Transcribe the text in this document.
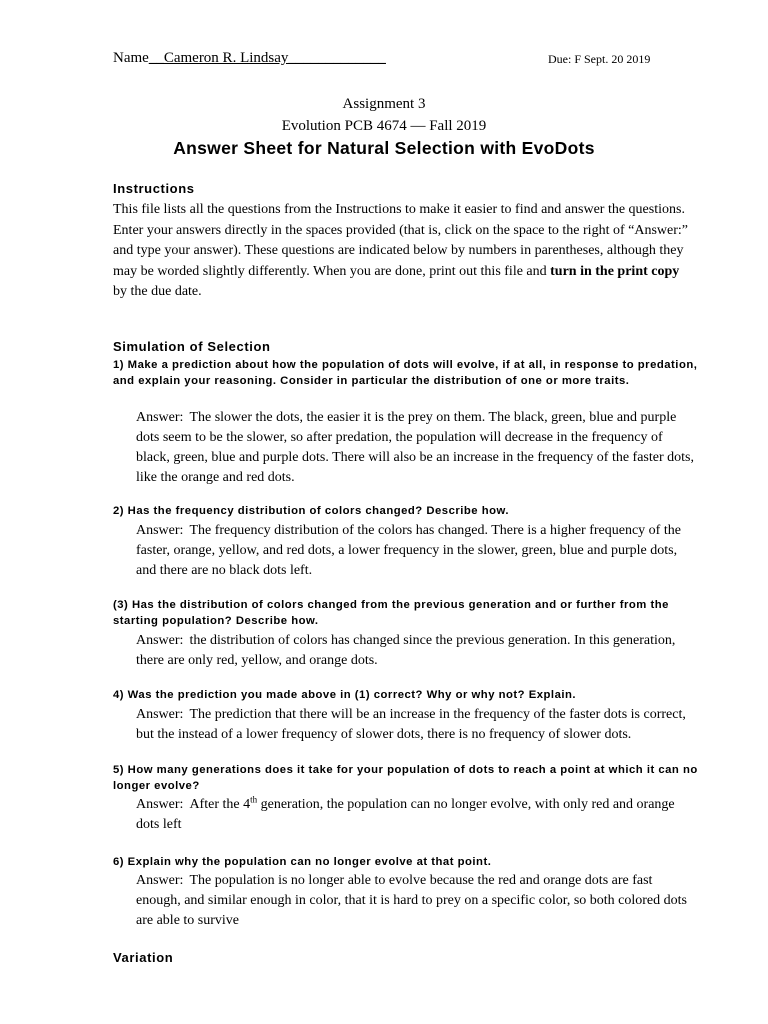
Name__Cameron R. Lindsay_____________	Due: F Sept. 20 2019
Assignment 3
Evolution PCB 4674 — Fall 2019
Answer Sheet for Natural Selection with EvoDots
Instructions
This file lists all the questions from the Instructions to make it easier to find and answer the questions. Enter your answers directly in the spaces provided (that is, click on the space to the right of “Answer:” and type your answer). These questions are indicated below by numbers in parentheses, although they may be worded slightly differently. When you are done, print out this file and turn in the print copy by the due date.
Simulation of Selection
1) Make a prediction about how the population of dots will evolve, if at all, in response to predation, and explain your reasoning. Consider in particular the distribution of one or more traits.
Answer: The slower the dots, the easier it is the prey on them. The black, green, blue and purple dots seem to be the slower, so after predation, the population will decrease in the frequency of black, green, blue and purple dots. There will also be an increase in the frequency of the faster dots, like the orange and red dots.
2) Has the frequency distribution of colors changed? Describe how.
Answer: The frequency distribution of the colors has changed. There is a higher frequency of the faster, orange, yellow, and red dots, a lower frequency in the slower, green, blue and purple dots, and there are no black dots left.
(3) Has the distribution of colors changed from the previous generation and or further from the starting population? Describe how.
Answer: the distribution of colors has changed since the previous generation. In this generation, there are only red, yellow, and orange dots.
4) Was the prediction you made above in (1) correct? Why or why not? Explain.
Answer: The prediction that there will be an increase in the frequency of the faster dots is correct, but the instead of a lower frequency of slower dots, there is no frequency of slower dots.
5) How many generations does it take for your population of dots to reach a point at which it can no longer evolve?
Answer: After the 4th generation, the population can no longer evolve, with only red and orange dots left
6) Explain why the population can no longer evolve at that point.
Answer: The population is no longer able to evolve because the red and orange dots are fast enough, and similar enough in color, that it is hard to prey on a specific color, so both colored dots are able to survive
Variation
